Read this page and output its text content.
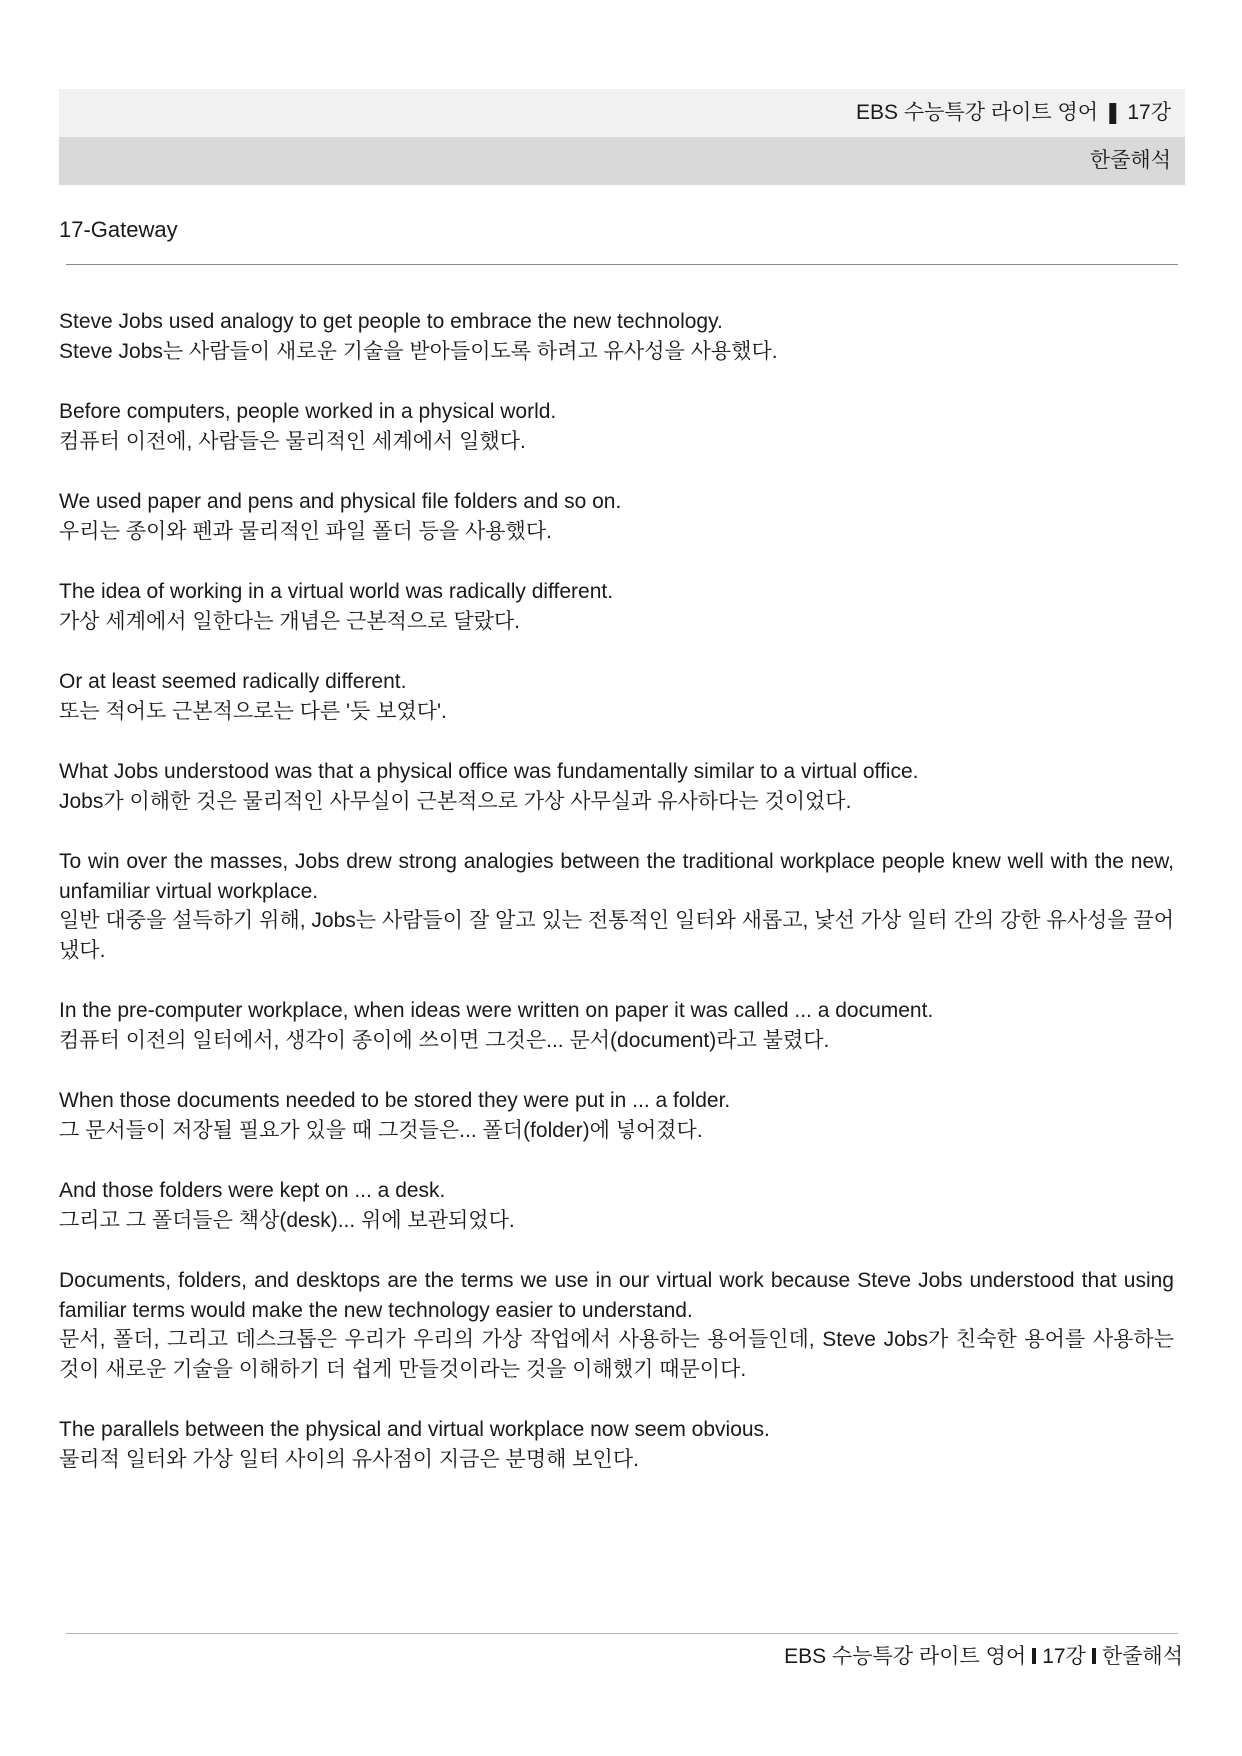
EBS 수능특강 라이트 영어 ❚ 17강
한줄해석
17-Gateway

Steve Jobs used analogy to get people to embrace the new technology.

Steve Jobs는 사람들이 새로운 기술을 받아들이도록 하려고 유사성을 사용했다.

Before computers, people worked in a physical world.

컴퓨터 이전에, 사람들은 물리적인 세계에서 일했다.

We used paper and pens and physical file folders and so on.

우리는 종이와 펜과 물리적인 파일 폴더 등을 사용했다.

The idea of working in a virtual world was radically different.

가상 세계에서 일한다는 개념은 근본적으로 달랐다.

Or at least seemed radically different.

또는 적어도 근본적으로는 다른 '듯 보였다'.

What Jobs understood was that a physical office was fundamentally similar to a virtual office.

Jobs가 이해한 것은 물리적인 사무실이 근본적으로 가상 사무실과 유사하다는 것이었다.

To win over the masses, Jobs drew strong analogies between the traditional workplace people knew well with the new, unfamiliar virtual workplace.

일반 대중을 설득하기 위해, Jobs는 사람들이 잘 알고 있는 전통적인 일터와 새롭고, 낯선 가상 일터 간의 강한 유사성을 끌어냈다.

In the pre-computer workplace, when ideas were written on paper it was called ... a document.

컴퓨터 이전의 일터에서, 생각이 종이에 쓰이면 그것은... 문서(document)라고 불렸다.

When those documents needed to be stored they were put in ... a folder.

그 문서들이 저장될 필요가 있을 때 그것들은... 폴더(folder)에 넣어졌다.

And those folders were kept on ... a desk.

그리고 그 폴더들은 책상(desk)... 위에 보관되었다.

Documents, folders, and desktops are the terms we use in our virtual work because Steve Jobs understood that using familiar terms would make the new technology easier to understand.

문서, 폴더, 그리고 데스크톱은 우리가 우리의 가상 작업에서 사용하는 용어들인데, Steve Jobs가 친숙한 용어를 사용하는 것이 새로운 기술을 이해하기 더 쉽게 만들것이라는 것을 이해했기 때문이다.

The parallels between the physical and virtual workplace now seem obvious.

물리적 일터와 가상 일터 사이의 유사점이 지금은 분명해 보인다.

EBS 수능특강 라이트 영어 17강 한줄해석
